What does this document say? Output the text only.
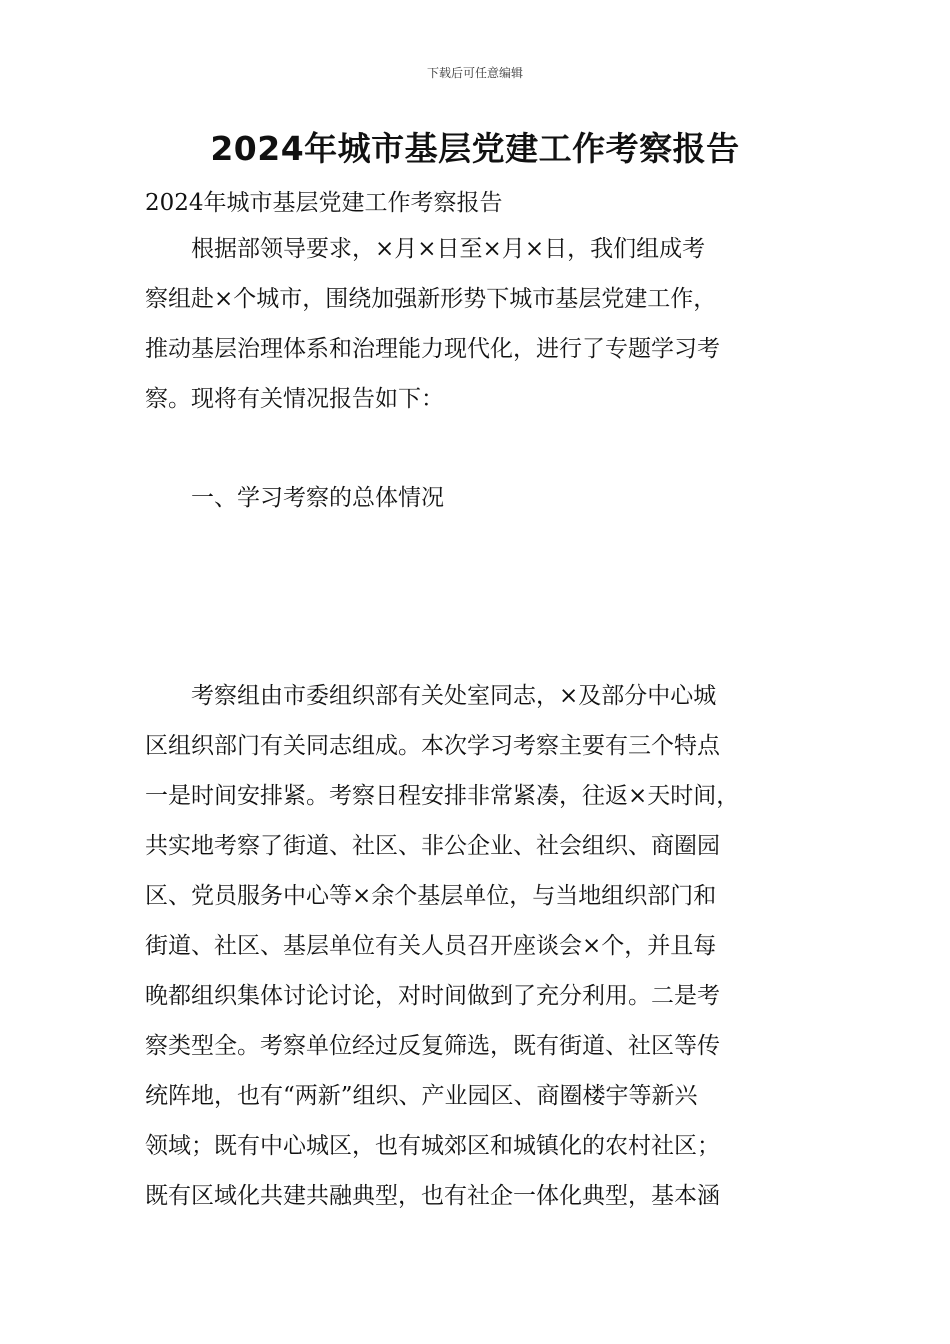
下载后可任意编辑
2024年城市基层党建工作考察报告

2024年城市基层党建工作考察报告

　　根据部领导要求，×月×日至×月×日，我们组成考
察组赴×个城市，围绕加强新形势下城市基层党建工作，
推动基层治理体系和治理能力现代化，进行了专题学习考
察。现将有关情况报告如下：

　　一、学习考察的总体情况

　　考察组由市委组织部有关处室同志，×及部分中心城
区组织部门有关同志组成。本次学习考察主要有三个特点
一是时间安排紧。考察日程安排非常紧凑，往返×天时间，
共实地考察了街道、社区、非公企业、社会组织、商圈园
区、党员服务中心等×余个基层单位，与当地组织部门和
街道、社区、基层单位有关人员召开座谈会×个，并且每
晚都组织集体讨论讨论，对时间做到了充分利用。二是考
察类型全。考察单位经过反复筛选，既有街道、社区等传
统阵地，也有“两新”组织、产业园区、商圈楼宇等新兴
领域；既有中心城区，也有城郊区和城镇化的农村社区；
既有区域化共建共融典型，也有社企一体化典型，基本涵
